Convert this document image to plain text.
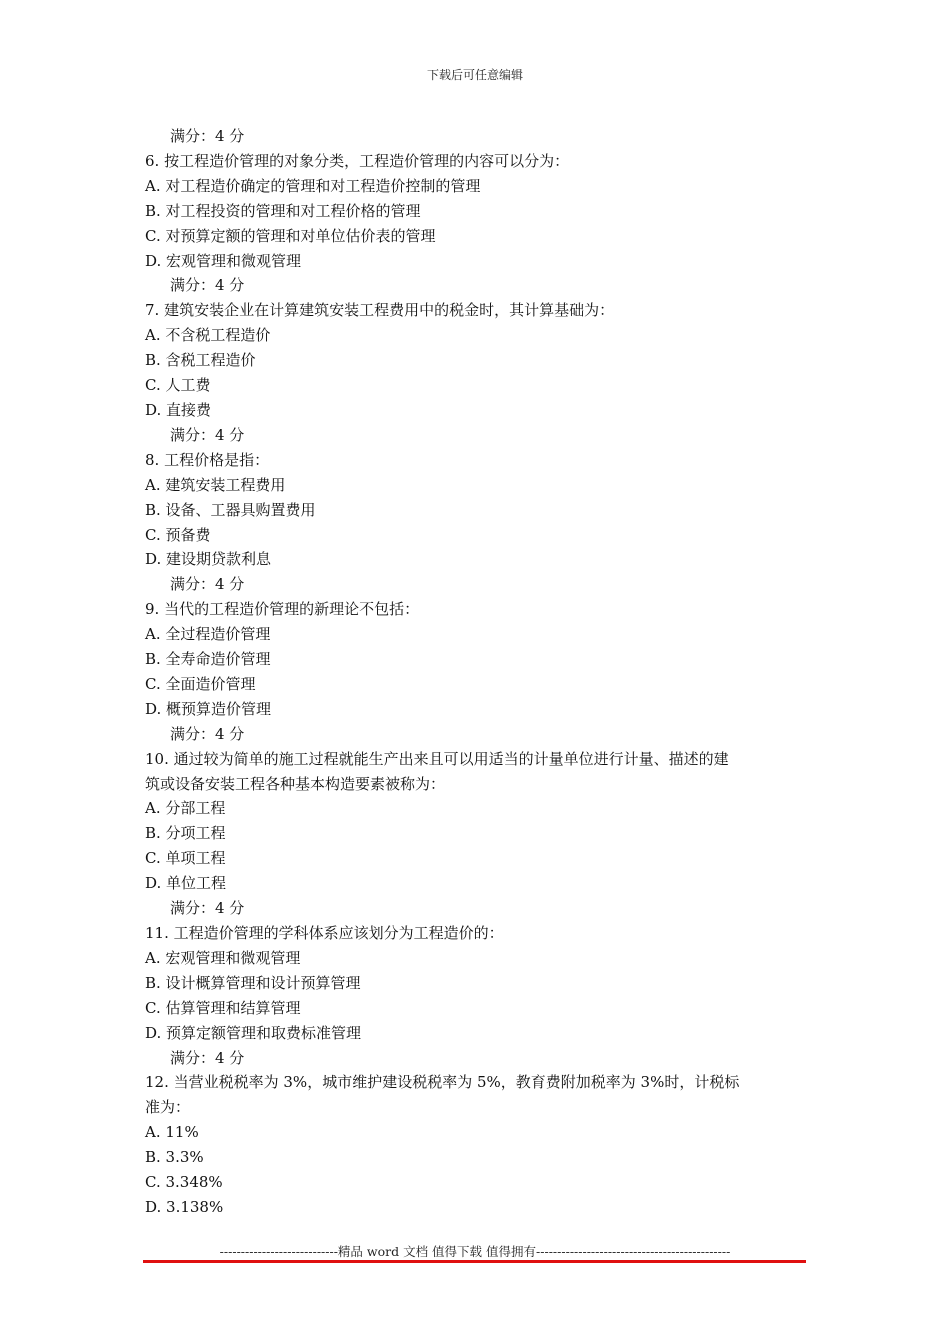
下载后可任意编辑
满分：4 分
6. 按工程造价管理的对象分类，工程造价管理的内容可以分为：
A. 对工程造价确定的管理和对工程造价控制的管理
B. 对工程投资的管理和对工程价格的管理
C. 对预算定额的管理和对单位估价表的管理
D. 宏观管理和微观管理
满分：4 分
7. 建筑安装企业在计算建筑安装工程费用中的税金时，其计算基础为：
A. 不含税工程造价
B. 含税工程造价
C. 人工费
D. 直接费
满分：4 分
8. 工程价格是指：
A. 建筑安装工程费用
B. 设备、工器具购置费用
C. 预备费
D. 建设期贷款利息
满分：4 分
9. 当代的工程造价管理的新理论不包括：
A. 全过程造价管理
B. 全寿命造价管理
C. 全面造价管理
D. 概预算造价管理
满分：4 分
10. 通过较为简单的施工过程就能生产出来且可以用适当的计量单位进行计量、描述的建
筑或设备安装工程各种基本构造要素被称为：
A. 分部工程
B. 分项工程
C. 单项工程
D. 单位工程
满分：4 分
11. 工程造价管理的学科体系应该划分为工程造价的：
A. 宏观管理和微观管理
B. 设计概算管理和设计预算管理
C. 估算管理和结算管理
D. 预算定额管理和取费标准管理
满分：4 分
12. 当营业税税率为 3%，城市维护建设税税率为 5%，教育费附加税率为 3%时，计税标
准为：
A. 11%
B. 3.3%
C. 3.348%
D. 3.138%
----------------------------精品 word 文档 值得下载 值得拥有----------------------------------------------
